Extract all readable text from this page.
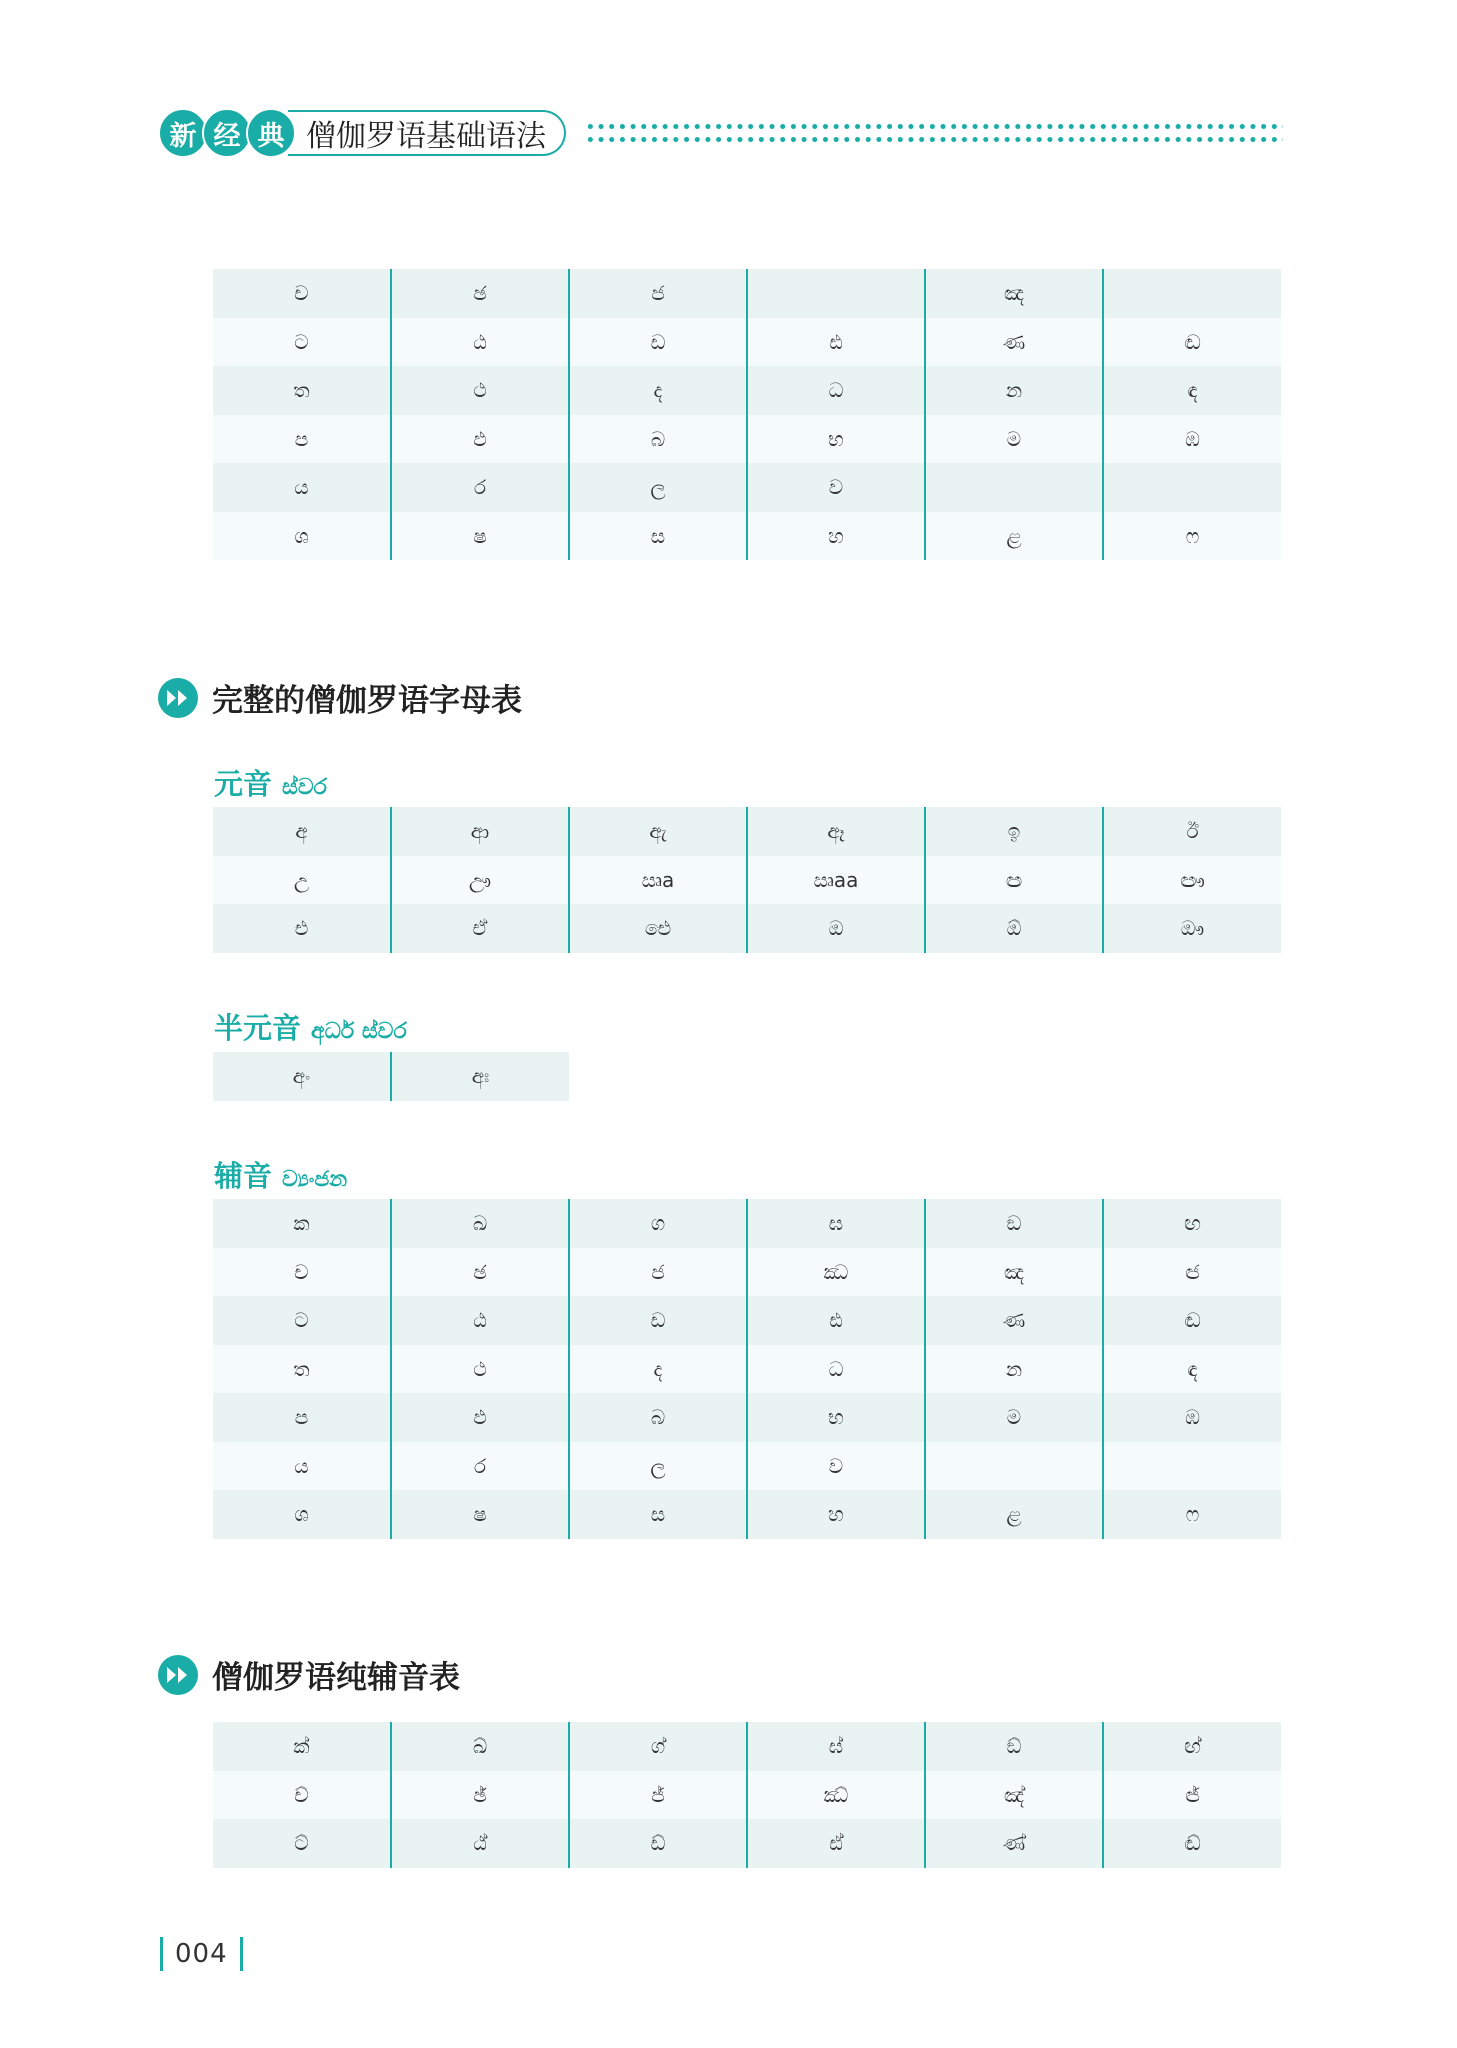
新 经 典 僧伽罗语基础语法
ච	ඡ	ජ		ඤ	
ට	ඨ	ඩ	ඪ	ණ	ඬ
ත	ථ	ද	ධ	න	ඳ
ප	ඵ	බ	භ	ම	ඹ
ය	ර	ල	ව		
ශ	ෂ	ස	හ	ළ	ෆ
完整的僧伽罗语字母表
元音 ස්වර
අ	ආ	ඇ	ඈ	ඉ	ඊ
උ	ඌ	ඍa	ඍaa	ඏ	ඐ
එ	ඒ	ඓ	ඔ	ඕ	ඖ
半元音 අර්ධ ස්වර
අං	අඃ
辅音 ව්‍යංජන
ක	ඛ	ග	ඝ	ඞ	ඟ
ච	ඡ	ජ	ඣ	ඤ	ඦ
ට	ඨ	ඩ	ඪ	ණ	ඬ
ත	ථ	ද	ධ	න	ඳ
ප	ඵ	බ	භ	ම	ඹ
ය	ර	ල	ව		
ශ	ෂ	ස	හ	ළ	ෆ
僧伽罗语纯辅音表
ක්	ඛ්	ග්	ඝ්	ඞ්	ඟ්
ච්	ඡ්	ජ්	ඣ්	ඤ්	ඦ්
ට්	ඨ්	ඩ්	ඪ්	ණ්	ඬ්
004
